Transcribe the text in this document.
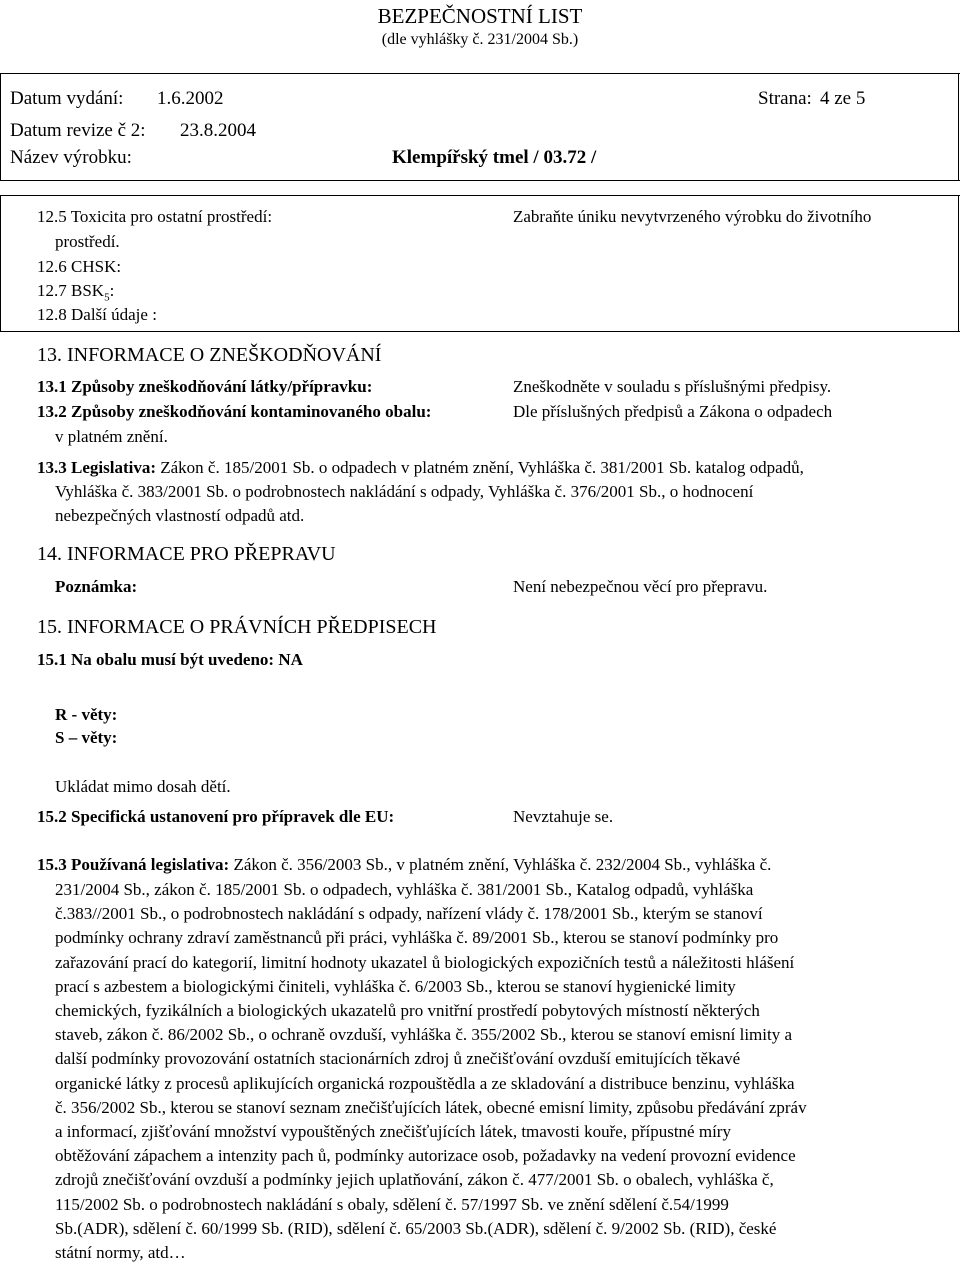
BEZPEČNOSTNÍ LIST
(dle vyhlášky č. 231/2004 Sb.)
Datum vydání: 1.6.2002	Strana: 4 ze 5
Datum revize č 2: 23.8.2004
Název výrobku:	Klempířský tmel / 03.72 /
12.5 Toxicita pro ostatní prostředí:	Zabraňte úniku nevytvrzeného výrobku do životního
prostředí.
12.6 CHSK:
12.7 $BSK_5$:
12.8 Další údaje :
13. INFORMACE O ZNEŠKODŇOVÁNÍ
13.1 Způsoby zneškodňování látky/přípravku:	Zneškodněte v souladu s příslušnými předpisy.
13.2 Způsoby zneškodňování kontaminovaného obalu:	Dle příslušných předpisů a Zákona o odpadech
v platném znění.
13.3 Legislativa: Zákon č. 185/2001 Sb. o odpadech v platném znění, Vyhláška č. 381/2001 Sb. katalog odpadů,
Vyhláška č. 383/2001 Sb. o podrobnostech nakládání s odpady, Vyhláška č. 376/2001 Sb., o hodnocení
nebezpečných vlastností odpadů atd.
14. INFORMACE PRO PŘEPRAVU
Poznámka:	Není nebezpečnou věcí pro přepravu.
15. INFORMACE O PRÁVNÍCH PŘEDPISECH
15.1 Na obalu musí být uvedeno: NA
R - věty:
S – věty:
Ukládat mimo dosah dětí.
15.2 Specifická ustanovení pro přípravek dle EU:	Nevztahuje se.
15.3 Používaná legislativa: Zákon č. 356/2003 Sb., v platném znění, Vyhláška č. 232/2004 Sb., vyhláška č.
231/2004 Sb., zákon č. 185/2001 Sb. o odpadech, vyhláška č. 381/2001 Sb., Katalog odpadů, vyhláška
č.383//2001 Sb., o podrobnostech nakládání s odpady, nařízení vlády č. 178/2001 Sb., kterým se stanoví
podmínky ochrany zdraví zaměstnanců při práci, vyhláška č. 89/2001 Sb., kterou se stanoví podmínky pro
zařazování prací do kategorií, limitní hodnoty ukazatel ů biologických expozičních testů a náležitosti hlášení
prací s azbestem a biologickými činiteli, vyhláška č. 6/2003 Sb., kterou se stanoví hygienické limity
chemických, fyzikálních a biologických ukazatelů pro vnitřní prostředí pobytových místností některých
staveb, zákon č. 86/2002 Sb., o ochraně ovzduší, vyhláška č. 355/2002 Sb., kterou se stanoví emisní limity a
další podmínky provozování ostatních stacionárních zdroj ů znečišťování ovzduší emitujících těkavé
organické látky z procesů aplikujících organická rozpouštědla a ze skladování a distribuce benzinu, vyhláška
č. 356/2002 Sb., kterou se stanoví seznam znečišťujících látek, obecné emisní limity, způsobu předávání zpráv
a informací, zjišťování množství vypouštěných znečišťujících látek, tmavosti kouře, přípustné míry
obtěžování zápachem a intenzity pach ů, podmínky autorizace osob, požadavky na vedení provozní evidence
zdrojů znečišťování ovzduší a podmínky jejich uplatňování, zákon č. 477/2001 Sb. o obalech, vyhláška č,
115/2002 Sb. o podrobnostech nakládání s obaly, sdělení č. 57/1997 Sb. ve znění sdělení č.54/1999
Sb.(ADR), sdělení č. 60/1999 Sb. (RID), sdělení č. 65/2003 Sb.(ADR), sdělení č. 9/2002 Sb. (RID), české
státní normy, atd…
